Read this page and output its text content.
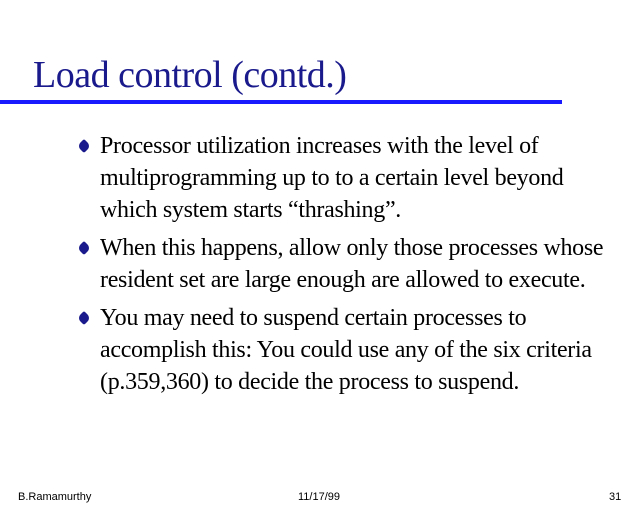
Load control (contd.)
Processor utilization increases with the level of multiprogramming up to to a certain level beyond which system starts “thrashing”.
When this happens, allow only those processes whose resident set are large enough are allowed to execute.
You may need to suspend certain processes to accomplish this: You could use any of the six criteria (p.359,360) to decide the process to suspend.
B.Ramamurthy	11/17/99	31
